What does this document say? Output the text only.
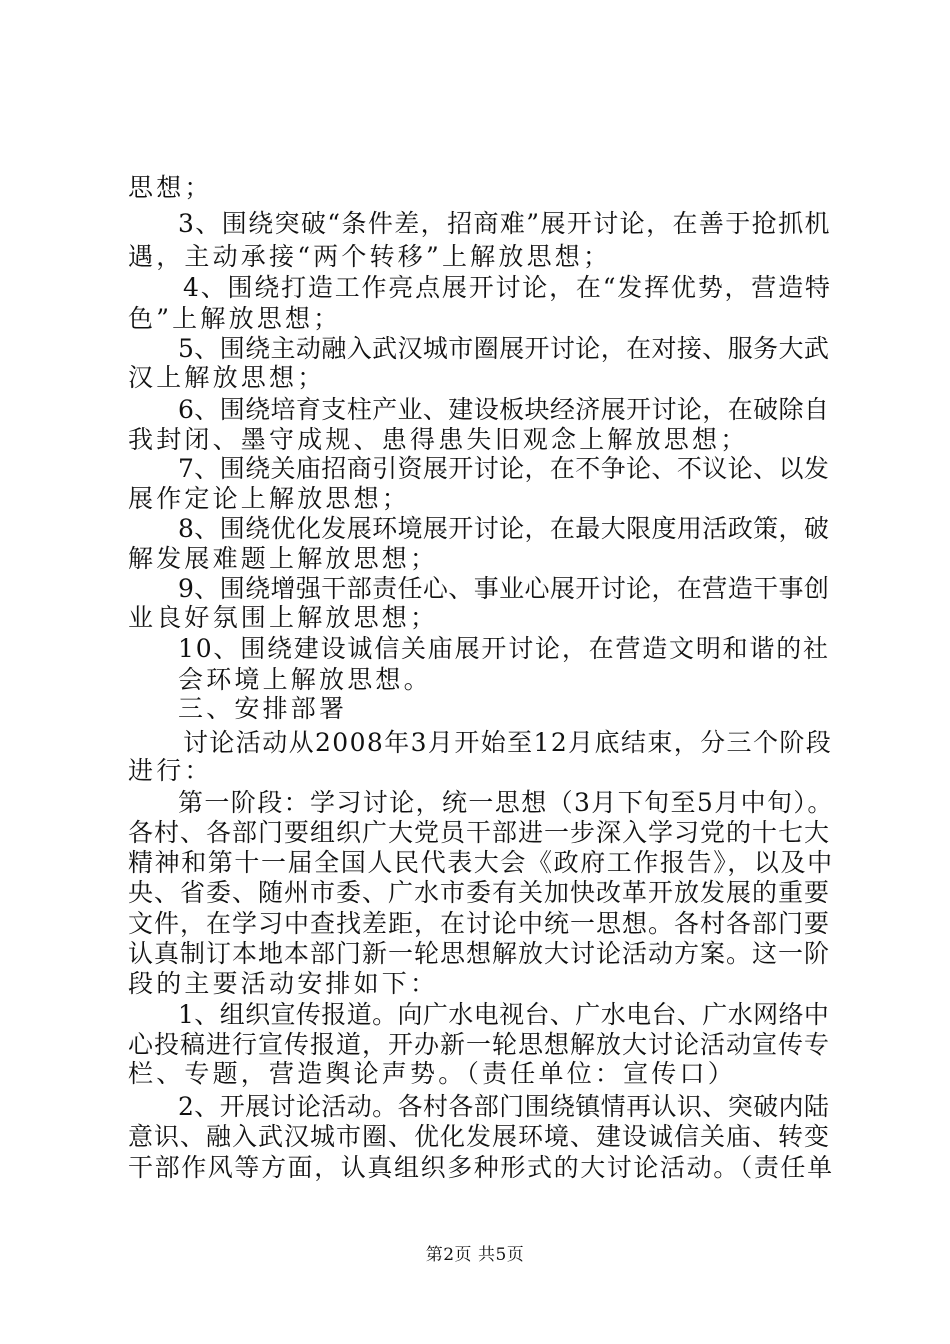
思想；
3、围绕突破“条件差，招商难”展开讨论，在善于抢抓机
遇，主动承接“两个转移”上解放思想；
4、围绕打造工作亮点展开讨论，在“发挥优势，营造特
色”上解放思想；
5、围绕主动融入武汉城市圈展开讨论，在对接、服务大武
汉上解放思想；
6、围绕培育支柱产业、建设板块经济展开讨论，在破除自
我封闭、墨守成规、患得患失旧观念上解放思想；
7、围绕关庙招商引资展开讨论，在不争论、不议论、以发
展作定论上解放思想；
8、围绕优化发展环境展开讨论，在最大限度用活政策，破
解发展难题上解放思想；
9、围绕增强干部责任心、事业心展开讨论，在营造干事创
业良好氛围上解放思想；
10、围绕建设诚信关庙展开讨论，在营造文明和谐的社
会环境上解放思想。
三、安排部署
讨论活动从2008年3月开始至12月底结束，分三个阶段
进行：
第一阶段：学习讨论，统一思想（3月下旬至5月中旬）。
各村、各部门要组织广大党员干部进一步深入学习党的十七大
精神和第十一届全国人民代表大会《政府工作报告》，以及中
央、省委、随州市委、广水市委有关加快改革开放发展的重要
文件，在学习中查找差距，在讨论中统一思想。各村各部门要
认真制订本地本部门新一轮思想解放大讨论活动方案。这一阶
段的主要活动安排如下：
1、组织宣传报道。向广水电视台、广水电台、广水网络中
心投稿进行宣传报道，开办新一轮思想解放大讨论活动宣传专
栏、专题，营造舆论声势。（责任单位：宣传口）
2、开展讨论活动。各村各部门围绕镇情再认识、突破内陆
意识、融入武汉城市圈、优化发展环境、建设诚信关庙、转变
干部作风等方面，认真组织多种形式的大讨论活动。（责任单
第2页 共5页
